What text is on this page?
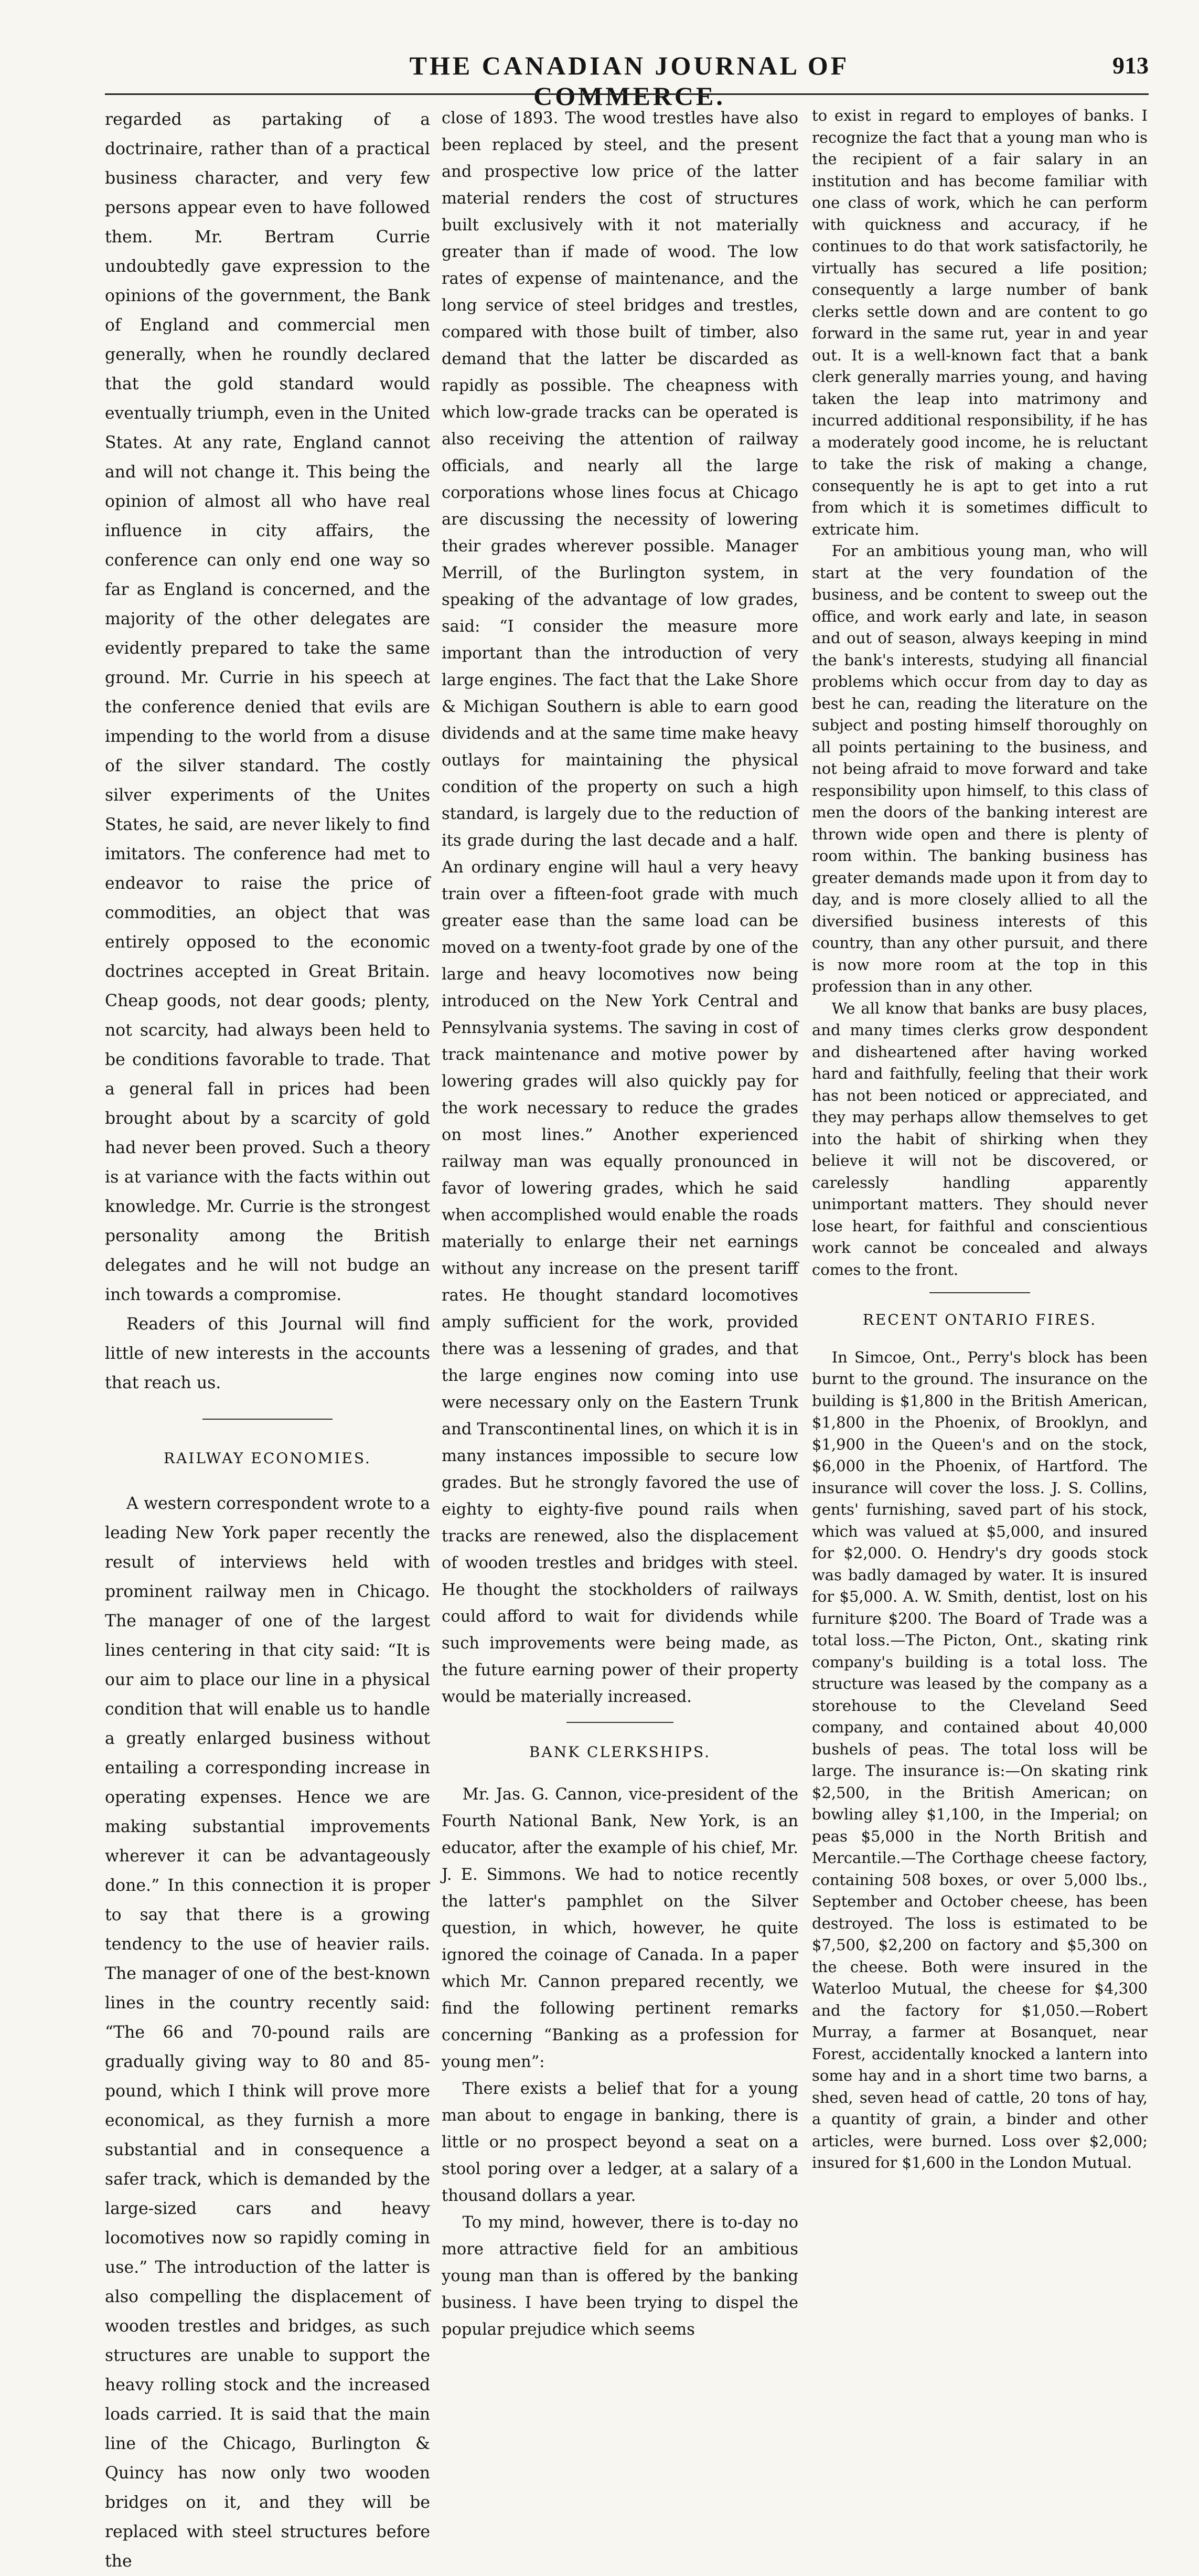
THE CANADIAN JOURNAL OF COMMERCE.
913

regarded as partaking of a doctrinaire, rather than of a practical business character, and very few persons appear even to have followed them. Mr. Bertram Currie undoubtedly gave expression to the opinions of the government, the Bank of England and commercial men generally, when he roundly declared that the gold standard would eventually triumph, even in the United States. At any rate, England cannot and will not change it. This being the opinion of almost all who have real influence in city affairs, the conference can only end one way so far as England is concerned, and the majority of the other delegates are evidently prepared to take the same ground. Mr. Currie in his speech at the conference denied that evils are impending to the world from a disuse of the silver standard. The costly silver experiments of the Unites States, he said, are never likely to find imitators. The conference had met to endeavor to raise the price of commodities, an object that was entirely opposed to the economic doctrines accepted in Great Britain. Cheap goods, not dear goods; plenty, not scarcity, had always been held to be conditions favorable to trade. That a general fall in prices had been brought about by a scarcity of gold had never been proved. Such a theory is at variance with the facts within out knowledge. Mr. Currie is the strongest personality among the British delegates and he will not budge an inch towards a compromise.

Readers of this Journal will find little of new interests in the accounts that reach us.

RAILWAY ECONOMIES.

A western correspondent wrote to a leading New York paper recently the result of interviews held with prominent railway men in Chicago. The manager of one of the largest lines centering in that city said: “It is our aim to place our line in a physical condition that will enable us to handle a greatly enlarged business without entailing a corresponding increase in operating expenses. Hence we are making substantial improvements wherever it can be advantageously done.” In this connection it is proper to say that there is a growing tendency to the use of heavier rails. The manager of one of the best-known lines in the country recently said: “The 66 and 70-pound rails are gradually giving way to 80 and 85-pound, which I think will prove more economical, as they furnish a more substantial and in consequence a safer track, which is demanded by the large-sized cars and heavy locomotives now so rapidly coming in use.” The introduction of the latter is also compelling the displacement of wooden trestles and bridges, as such structures are unable to support the heavy rolling stock and the increased loads carried. It is said that the main line of the Chicago, Burlington & Quincy has now only two wooden bridges on it, and they will be replaced with steel structures before the

close of 1893. The wood trestles have also been replaced by steel, and the present and prospective low price of the latter material renders the cost of structures built exclusively with it not materially greater than if made of wood. The low rates of expense of maintenance, and the long service of steel bridges and trestles, compared with those built of timber, also demand that the latter be discarded as rapidly as possible. The cheapness with which low-grade tracks can be operated is also receiving the attention of railway officials, and nearly all the large corporations whose lines focus at Chicago are discussing the necessity of lowering their grades wherever possible. Manager Merrill, of the Burlington system, in speaking of the advantage of low grades, said: “I consider the measure more important than the introduction of very large engines. The fact that the Lake Shore & Michigan Southern is able to earn good dividends and at the same time make heavy outlays for maintaining the physical condition of the property on such a high standard, is largely due to the reduction of its grade during the last decade and a half. An ordinary engine will haul a very heavy train over a fifteen-foot grade with much greater ease than the same load can be moved on a twenty-foot grade by one of the large and heavy locomotives now being introduced on the New York Central and Pennsylvania systems. The saving in cost of track maintenance and motive power by lowering grades will also quickly pay for the work necessary to reduce the grades on most lines.” Another experienced railway man was equally pronounced in favor of lowering grades, which he said when accomplished would enable the roads materially to enlarge their net earnings without any increase on the present tariff rates. He thought standard locomotives amply sufficient for the work, provided there was a lessening of grades, and that the large engines now coming into use were necessary only on the Eastern Trunk and Transcontinental lines, on which it is in many instances impossible to secure low grades. But he strongly favored the use of eighty to eighty-five pound rails when tracks are renewed, also the displacement of wooden trestles and bridges with steel. He thought the stockholders of railways could afford to wait for dividends while such improvements were being made, as the future earning power of their property would be materially increased.

BANK CLERKSHIPS.

Mr. Jas. G. Cannon, vice-president of the Fourth National Bank, New York, is an educator, after the example of his chief, Mr. J. E. Simmons. We had to notice recently the latter's pamphlet on the Silver question, in which, however, he quite ignored the coinage of Canada. In a paper which Mr. Cannon prepared recently, we find the following pertinent remarks concerning “Banking as a profession for young men”:

There exists a belief that for a young man about to engage in banking, there is little or no prospect beyond a seat on a stool poring over a ledger, at a salary of a thousand dollars a year.

To my mind, however, there is to-day no more attractive field for an ambitious young man than is offered by the banking business. I have been trying to dispel the popular prejudice which seems

to exist in regard to employes of banks. I recognize the fact that a young man who is the recipient of a fair salary in an institution and has become familiar with one class of work, which he can perform with quickness and accuracy, if he continues to do that work satisfactorily, he virtually has secured a life position; consequently a large number of bank clerks settle down and are content to go forward in the same rut, year in and year out. It is a well-known fact that a bank clerk generally marries young, and having taken the leap into matrimony and incurred additional responsibility, if he has a moderately good income, he is reluctant to take the risk of making a change, consequently he is apt to get into a rut from which it is sometimes difficult to extricate him.

For an ambitious young man, who will start at the very foundation of the business, and be content to sweep out the office, and work early and late, in season and out of season, always keeping in mind the bank's interests, studying all financial problems which occur from day to day as best he can, reading the literature on the subject and posting himself thoroughly on all points pertaining to the business, and not being afraid to move forward and take responsibility upon himself, to this class of men the doors of the banking interest are thrown wide open and there is plenty of room within. The banking business has greater demands made upon it from day to day, and is more closely allied to all the diversified business interests of this country, than any other pursuit, and there is now more room at the top in this profession than in any other.

We all know that banks are busy places, and many times clerks grow despondent and disheartened after having worked hard and faithfully, feeling that their work has not been noticed or appreciated, and they may perhaps allow themselves to get into the habit of shirking when they believe it will not be discovered, or carelessly handling apparently unimportant matters. They should never lose heart, for faithful and conscientious work cannot be concealed and always comes to the front.

RECENT ONTARIO FIRES.

In Simcoe, Ont., Perry's block has been burnt to the ground. The insurance on the building is $1,800 in the British American, $1,800 in the Phoenix, of Brooklyn, and $1,900 in the Queen's and on the stock, $6,000 in the Phoenix, of Hartford. The insurance will cover the loss. J. S. Collins, gents' furnishing, saved part of his stock, which was valued at $5,000, and insured for $2,000. O. Hendry's dry goods stock was badly damaged by water. It is insured for $5,000. A. W. Smith, dentist, lost on his furniture $200. The Board of Trade was a total loss.—The Picton, Ont., skating rink company's building is a total loss. The structure was leased by the company as a storehouse to the Cleveland Seed company, and contained about 40,000 bushels of peas. The total loss will be large. The insurance is:—On skating rink $2,500, in the British American; on bowling alley $1,100, in the Imperial; on peas $5,000 in the North British and Mercantile.—The Corthage cheese factory, containing 508 boxes, or over 5,000 lbs., September and October cheese, has been destroyed. The loss is estimated to be $7,500, $2,200 on factory and $5,300 on the cheese. Both were insured in the Waterloo Mutual, the cheese for $4,300 and the factory for $1,050.—Robert Murray, a farmer at Bosanquet, near Forest, accidentally knocked a lantern into some hay and in a short time two barns, a shed, seven head of cattle, 20 tons of hay, a quantity of grain, a binder and other articles, were burned. Loss over $2,000; insured for $1,600 in the London Mutual.
